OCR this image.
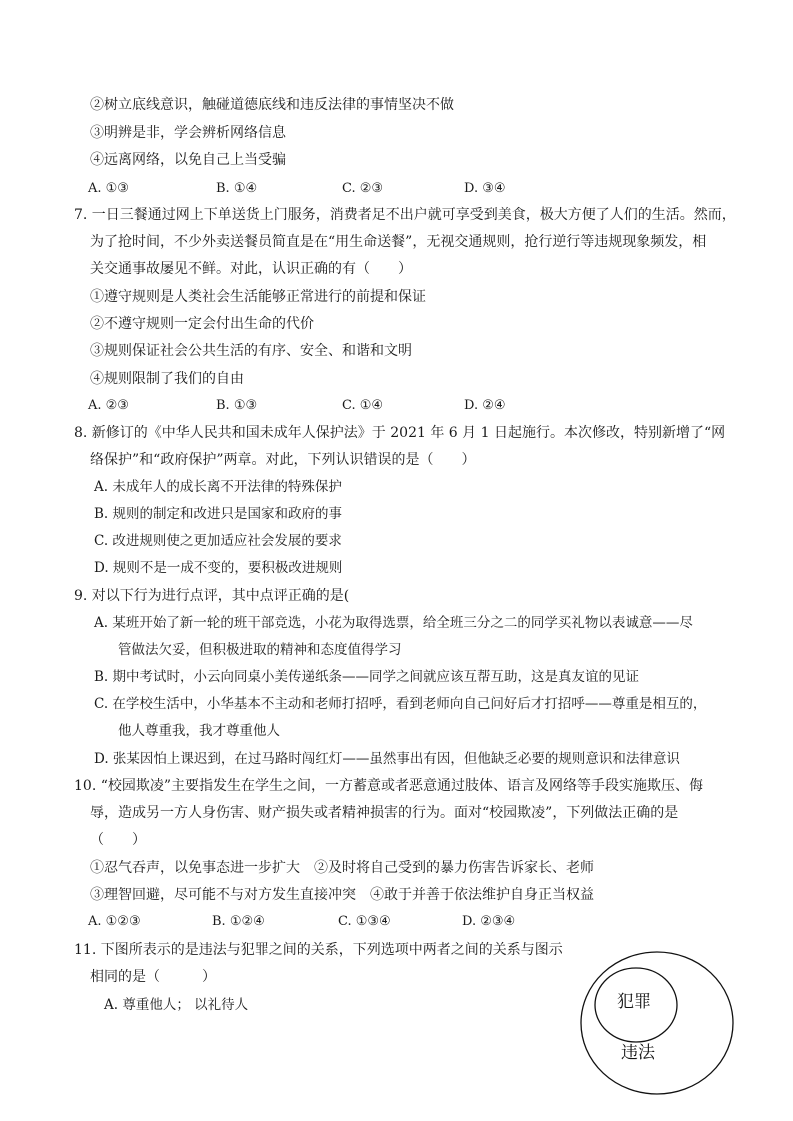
②树立底线意识，触碰道德底线和违反法律的事情坚决不做
③明辨是非，学会辨析网络信息
④远离网络，以免自己上当受骗
A. ①③	B. ①④	C. ②③	D. ③④
7. 一日三餐通过网上下单送货上门服务，消费者足不出户就可享受到美食，极大方便了人们的生活。然而，
为了抢时间，不少外卖送餐员简直是在“用生命送餐”，无视交通规则，抢行逆行等违规现象频发，相
关交通事故屡见不鲜。对此，认识正确的有（　　）
①遵守规则是人类社会生活能够正常进行的前提和保证
②不遵守规则一定会付出生命的代价
③规则保证社会公共生活的有序、安全、和谐和文明
④规则限制了我们的自由
A. ②③	B. ①③	C. ①④	D. ②④
8. 新修订的《中华人民共和国未成年人保护法》于 2021 年 6 月 1 日起施行。本次修改，特别新增了“网
络保护”和“政府保护”两章。对此，下列认识错误的是（　　）
A. 未成年人的成长离不开法律的特殊保护
B. 规则的制定和改进只是国家和政府的事
C. 改进规则使之更加适应社会发展的要求
D. 规则不是一成不变的，要积极改进规则
9. 对以下行为进行点评，其中点评正确的是(
A. 某班开始了新一轮的班干部竞选，小花为取得选票，给全班三分之二的同学买礼物以表诚意——尽
管做法欠妥，但积极进取的精神和态度值得学习
B. 期中考试时，小云向同桌小美传递纸条——同学之间就应该互帮互助，这是真友谊的见证
C. 在学校生活中，小华基本不主动和老师打招呼，看到老师向自己问好后才打招呼——尊重是相互的，
他人尊重我，我才尊重他人
D. 张某因怕上课迟到，在过马路时闯红灯——虽然事出有因，但他缺乏必要的规则意识和法律意识
10. “校园欺凌”主要指发生在学生之间，一方蓄意或者恶意通过肢体、语言及网络等手段实施欺压、侮
辱，造成另一方人身伤害、财产损失或者精神损害的行为。面对“校园欺凌”，下列做法正确的是
（　　）
①忍气吞声，以免事态进一步扩大　②及时将自己受到的暴力伤害告诉家长、老师
③理智回避，尽可能不与对方发生直接冲突　④敢于并善于依法维护自身正当权益
A. ①②③	B. ①②④	C. ①③④	D. ②③④
11. 下图所表示的是违法与犯罪之间的关系，下列选项中两者之间的关系与图示
相同的是（　　　）
A. 尊重他人； 以礼待人	犯罪
违法
